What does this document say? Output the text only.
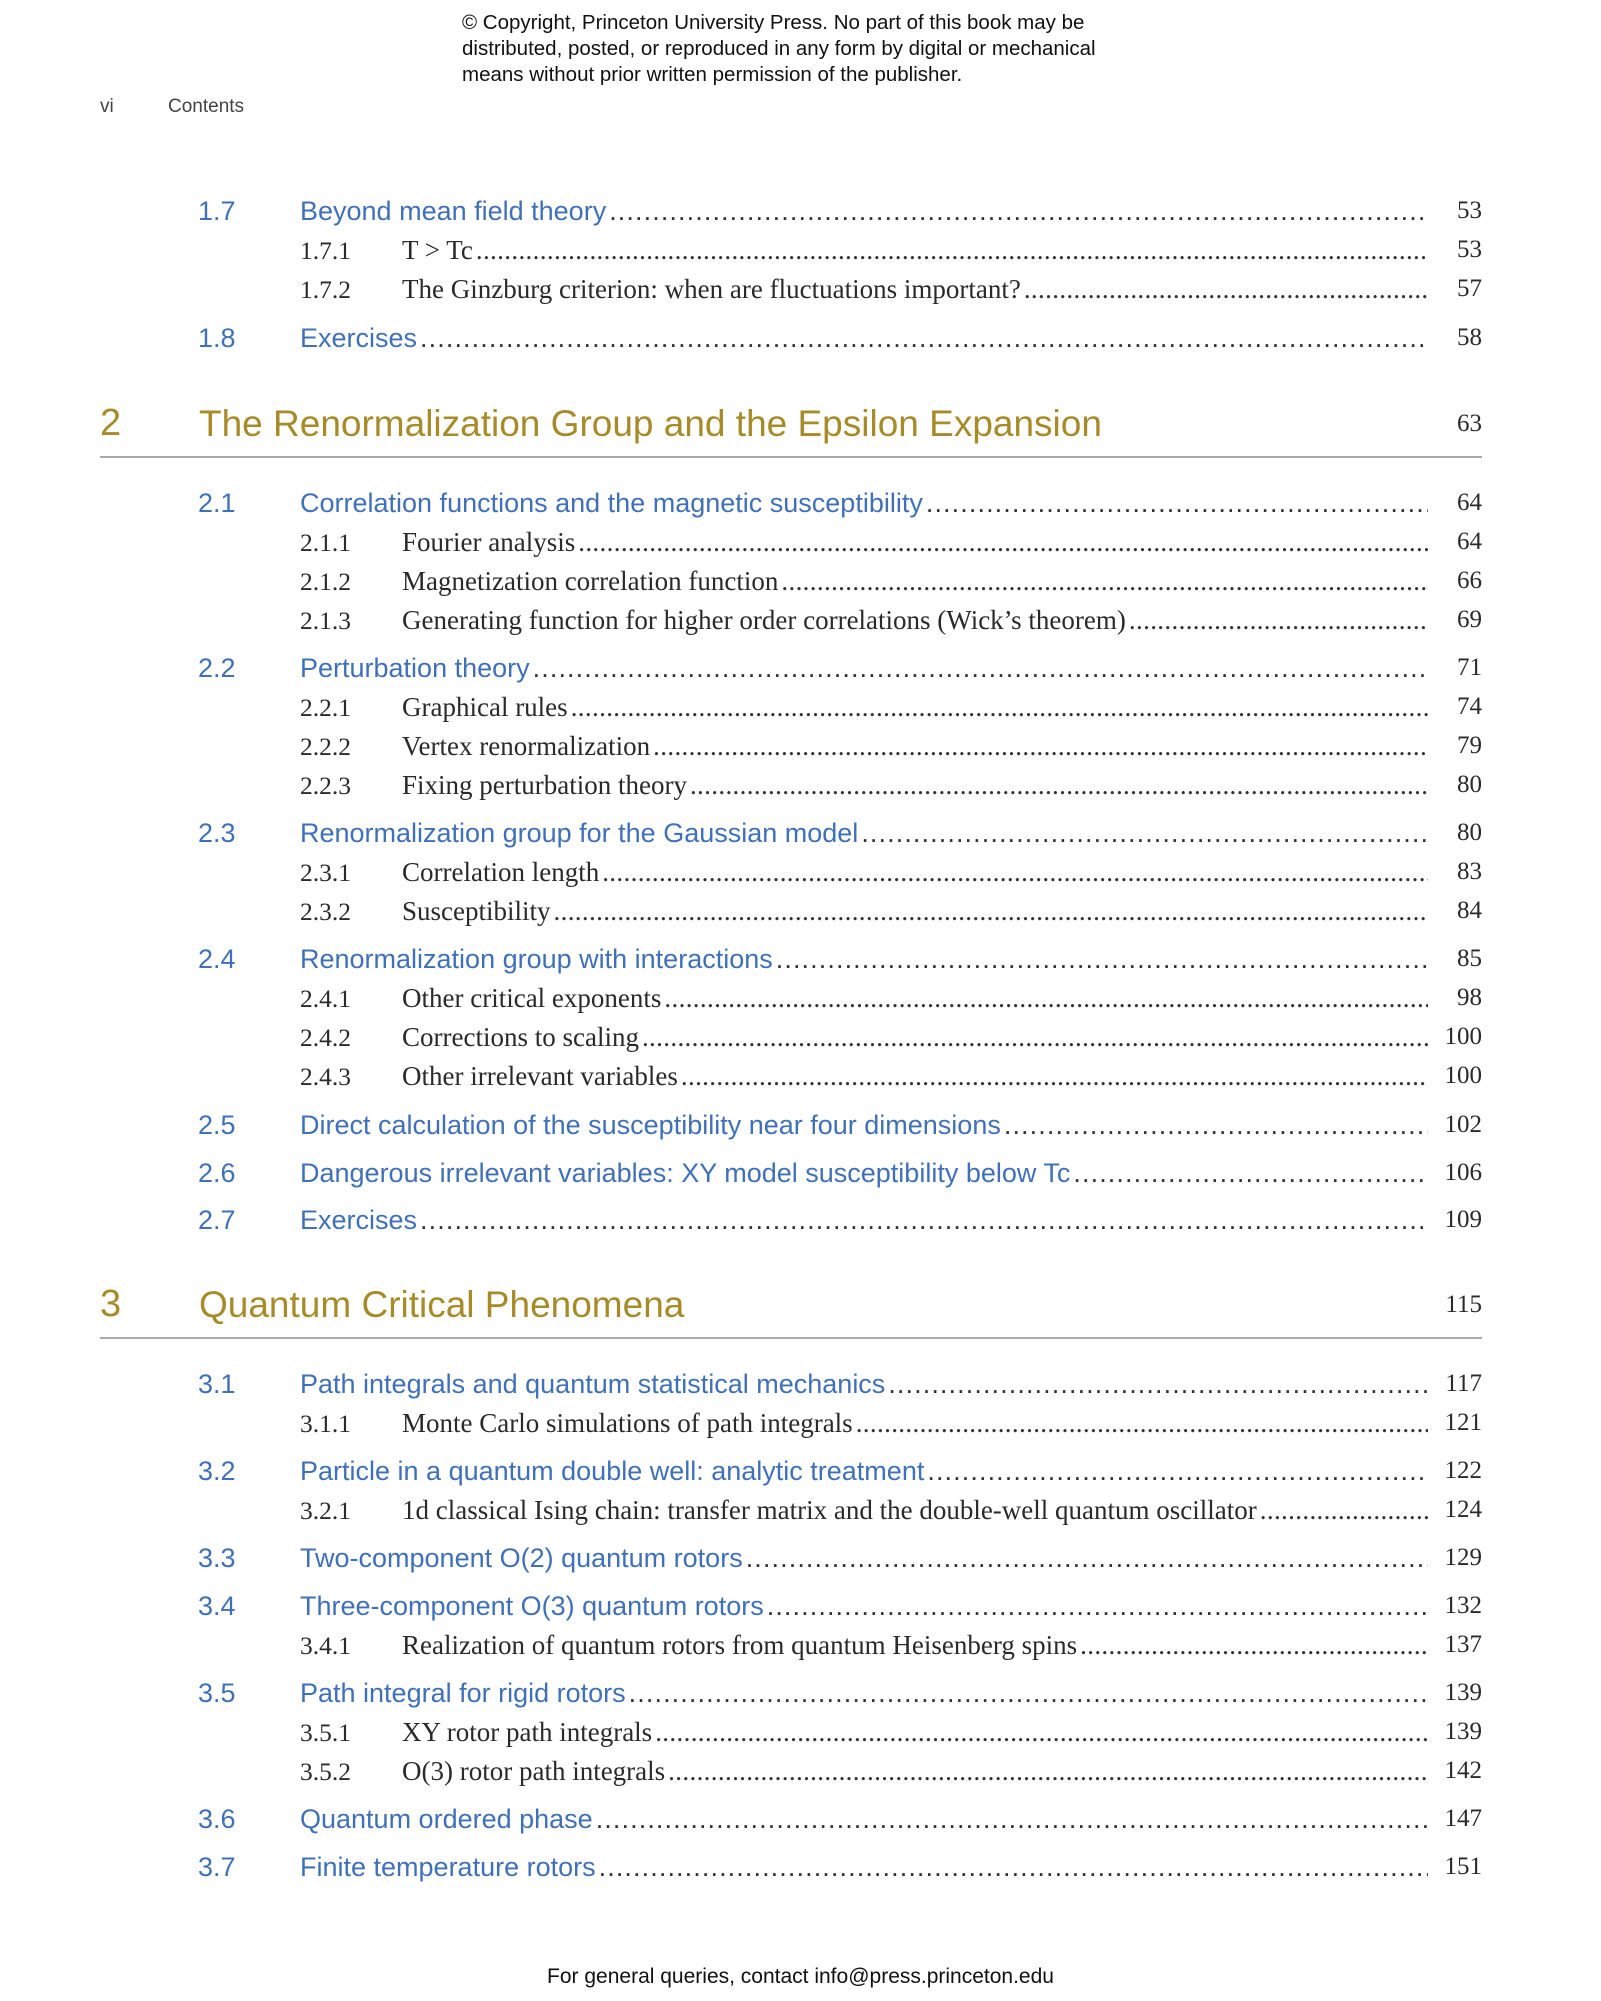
© Copyright, Princeton University Press. No part of this book may be
distributed, posted, or reproduced in any form by digital or mechanical
means without prior written permission of the publisher.
vi	Contents
1.7 Beyond mean field theory . . .	53
1.7.1 T > Tc . . .	53
1.7.2 The Ginzburg criterion: when are fluctuations important? . . .	57
1.8 Exercises . . .	58
2 The Renormalization Group and the Epsilon Expansion	63
2.1 Correlation functions and the magnetic susceptibility . . .	64
2.1.1 Fourier analysis . . .	64
2.1.2 Magnetization correlation function . . .	66
2.1.3 Generating function for higher order correlations (Wick’s theorem) . . .	69
2.2 Perturbation theory . . .	71
2.2.1 Graphical rules . . .	74
2.2.2 Vertex renormalization . . .	79
2.2.3 Fixing perturbation theory . . .	80
2.3 Renormalization group for the Gaussian model . . .	80
2.3.1 Correlation length . . .	83
2.3.2 Susceptibility . . .	84
2.4 Renormalization group with interactions . . .	85
2.4.1 Other critical exponents . . .	98
2.4.2 Corrections to scaling . . .	100
2.4.3 Other irrelevant variables . . .	100
2.5 Direct calculation of the susceptibility near four dimensions . . .	102
2.6 Dangerous irrelevant variables: XY model susceptibility below Tc . . .	106
2.7 Exercises . . .	109
3 Quantum Critical Phenomena	115
3.1 Path integrals and quantum statistical mechanics . . .	117
3.1.1 Monte Carlo simulations of path integrals . . .	121
3.2 Particle in a quantum double well: analytic treatment . . .	122
3.2.1 1d classical Ising chain: transfer matrix and the double-well quantum oscillator . . .	124
3.3 Two-component O(2) quantum rotors . . .	129
3.4 Three-component O(3) quantum rotors . . .	132
3.4.1 Realization of quantum rotors from quantum Heisenberg spins . . .	137
3.5 Path integral for rigid rotors . . .	139
3.5.1 XY rotor path integrals . . .	139
3.5.2 O(3) rotor path integrals . . .	142
3.6 Quantum ordered phase . . .	147
3.7 Finite temperature rotors . . .	151
For general queries, contact info@press.princeton.edu
